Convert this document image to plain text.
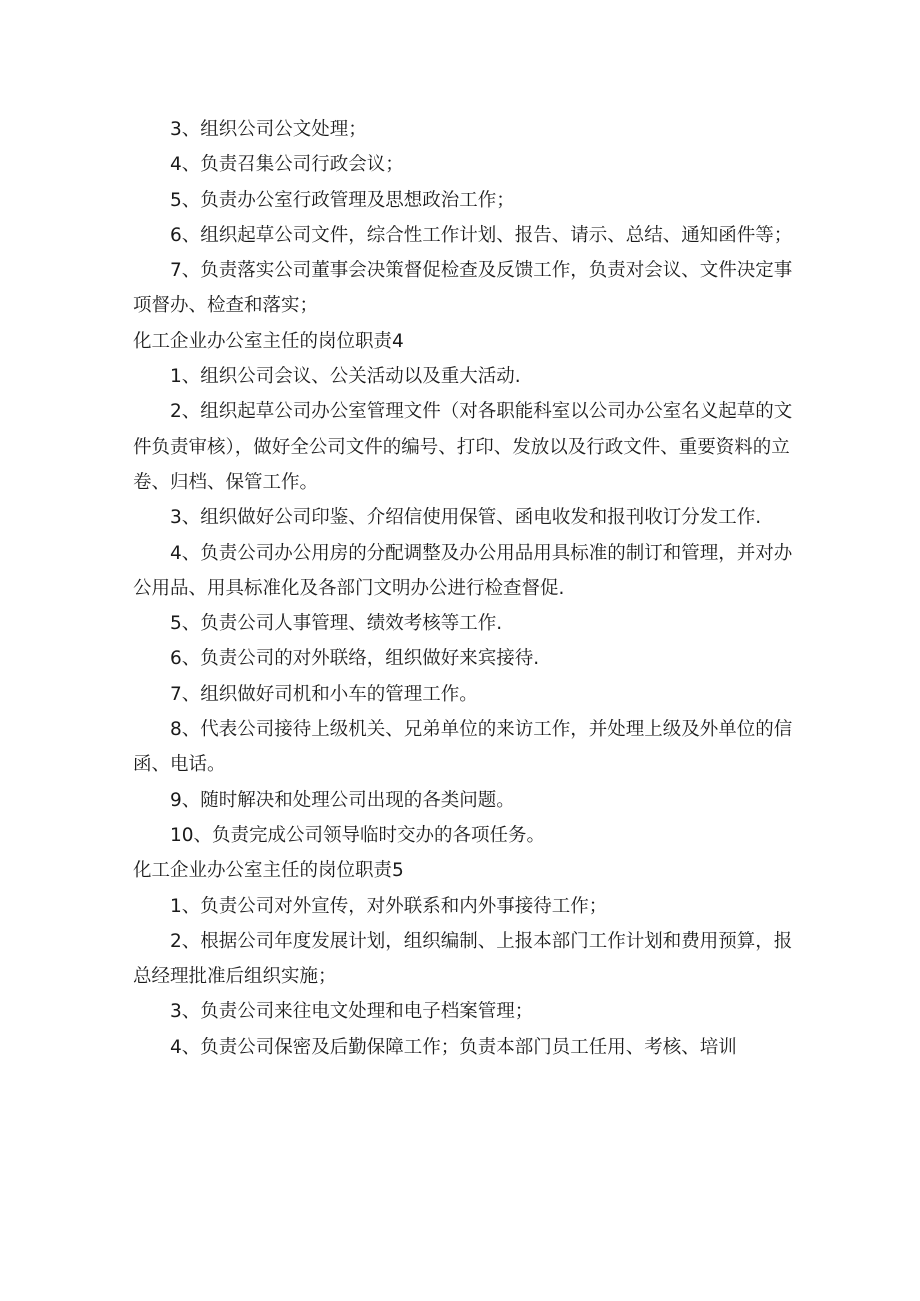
3、组织公司公文处理；

4、负责召集公司行政会议；

5、负责办公室行政管理及思想政治工作；

6、组织起草公司文件，综合性工作计划、报告、请示、总结、通知函件等；

7、负责落实公司董事会决策督促检查及反馈工作，负责对会议、文件决定事项督办、检查和落实；

化工企业办公室主任的岗位职责4

1、组织公司会议、公关活动以及重大活动.

2、组织起草公司办公室管理文件（对各职能科室以公司办公室名义起草的文件负责审核），做好全公司文件的编号、打印、发放以及行政文件、重要资料的立卷、归档、保管工作。

3、组织做好公司印鉴、介绍信使用保管、函电收发和报刊收订分发工作.

4、负责公司办公用房的分配调整及办公用品用具标准的制订和管理，并对办公用品、用具标准化及各部门文明办公进行检查督促.

5、负责公司人事管理、绩效考核等工作.

6、负责公司的对外联络，组织做好来宾接待.

7、组织做好司机和小车的管理工作。

8、代表公司接待上级机关、兄弟单位的来访工作，并处理上级及外单位的信函、电话。

9、随时解决和处理公司出现的各类问题。

10、负责完成公司领导临时交办的各项任务。

化工企业办公室主任的岗位职责5

1、负责公司对外宣传，对外联系和内外事接待工作；

2、根据公司年度发展计划，组织编制、上报本部门工作计划和费用预算，报总经理批准后组织实施；

3、负责公司来往电文处理和电子档案管理；

4、负责公司保密及后勤保障工作；负责本部门员工任用、考核、培训
